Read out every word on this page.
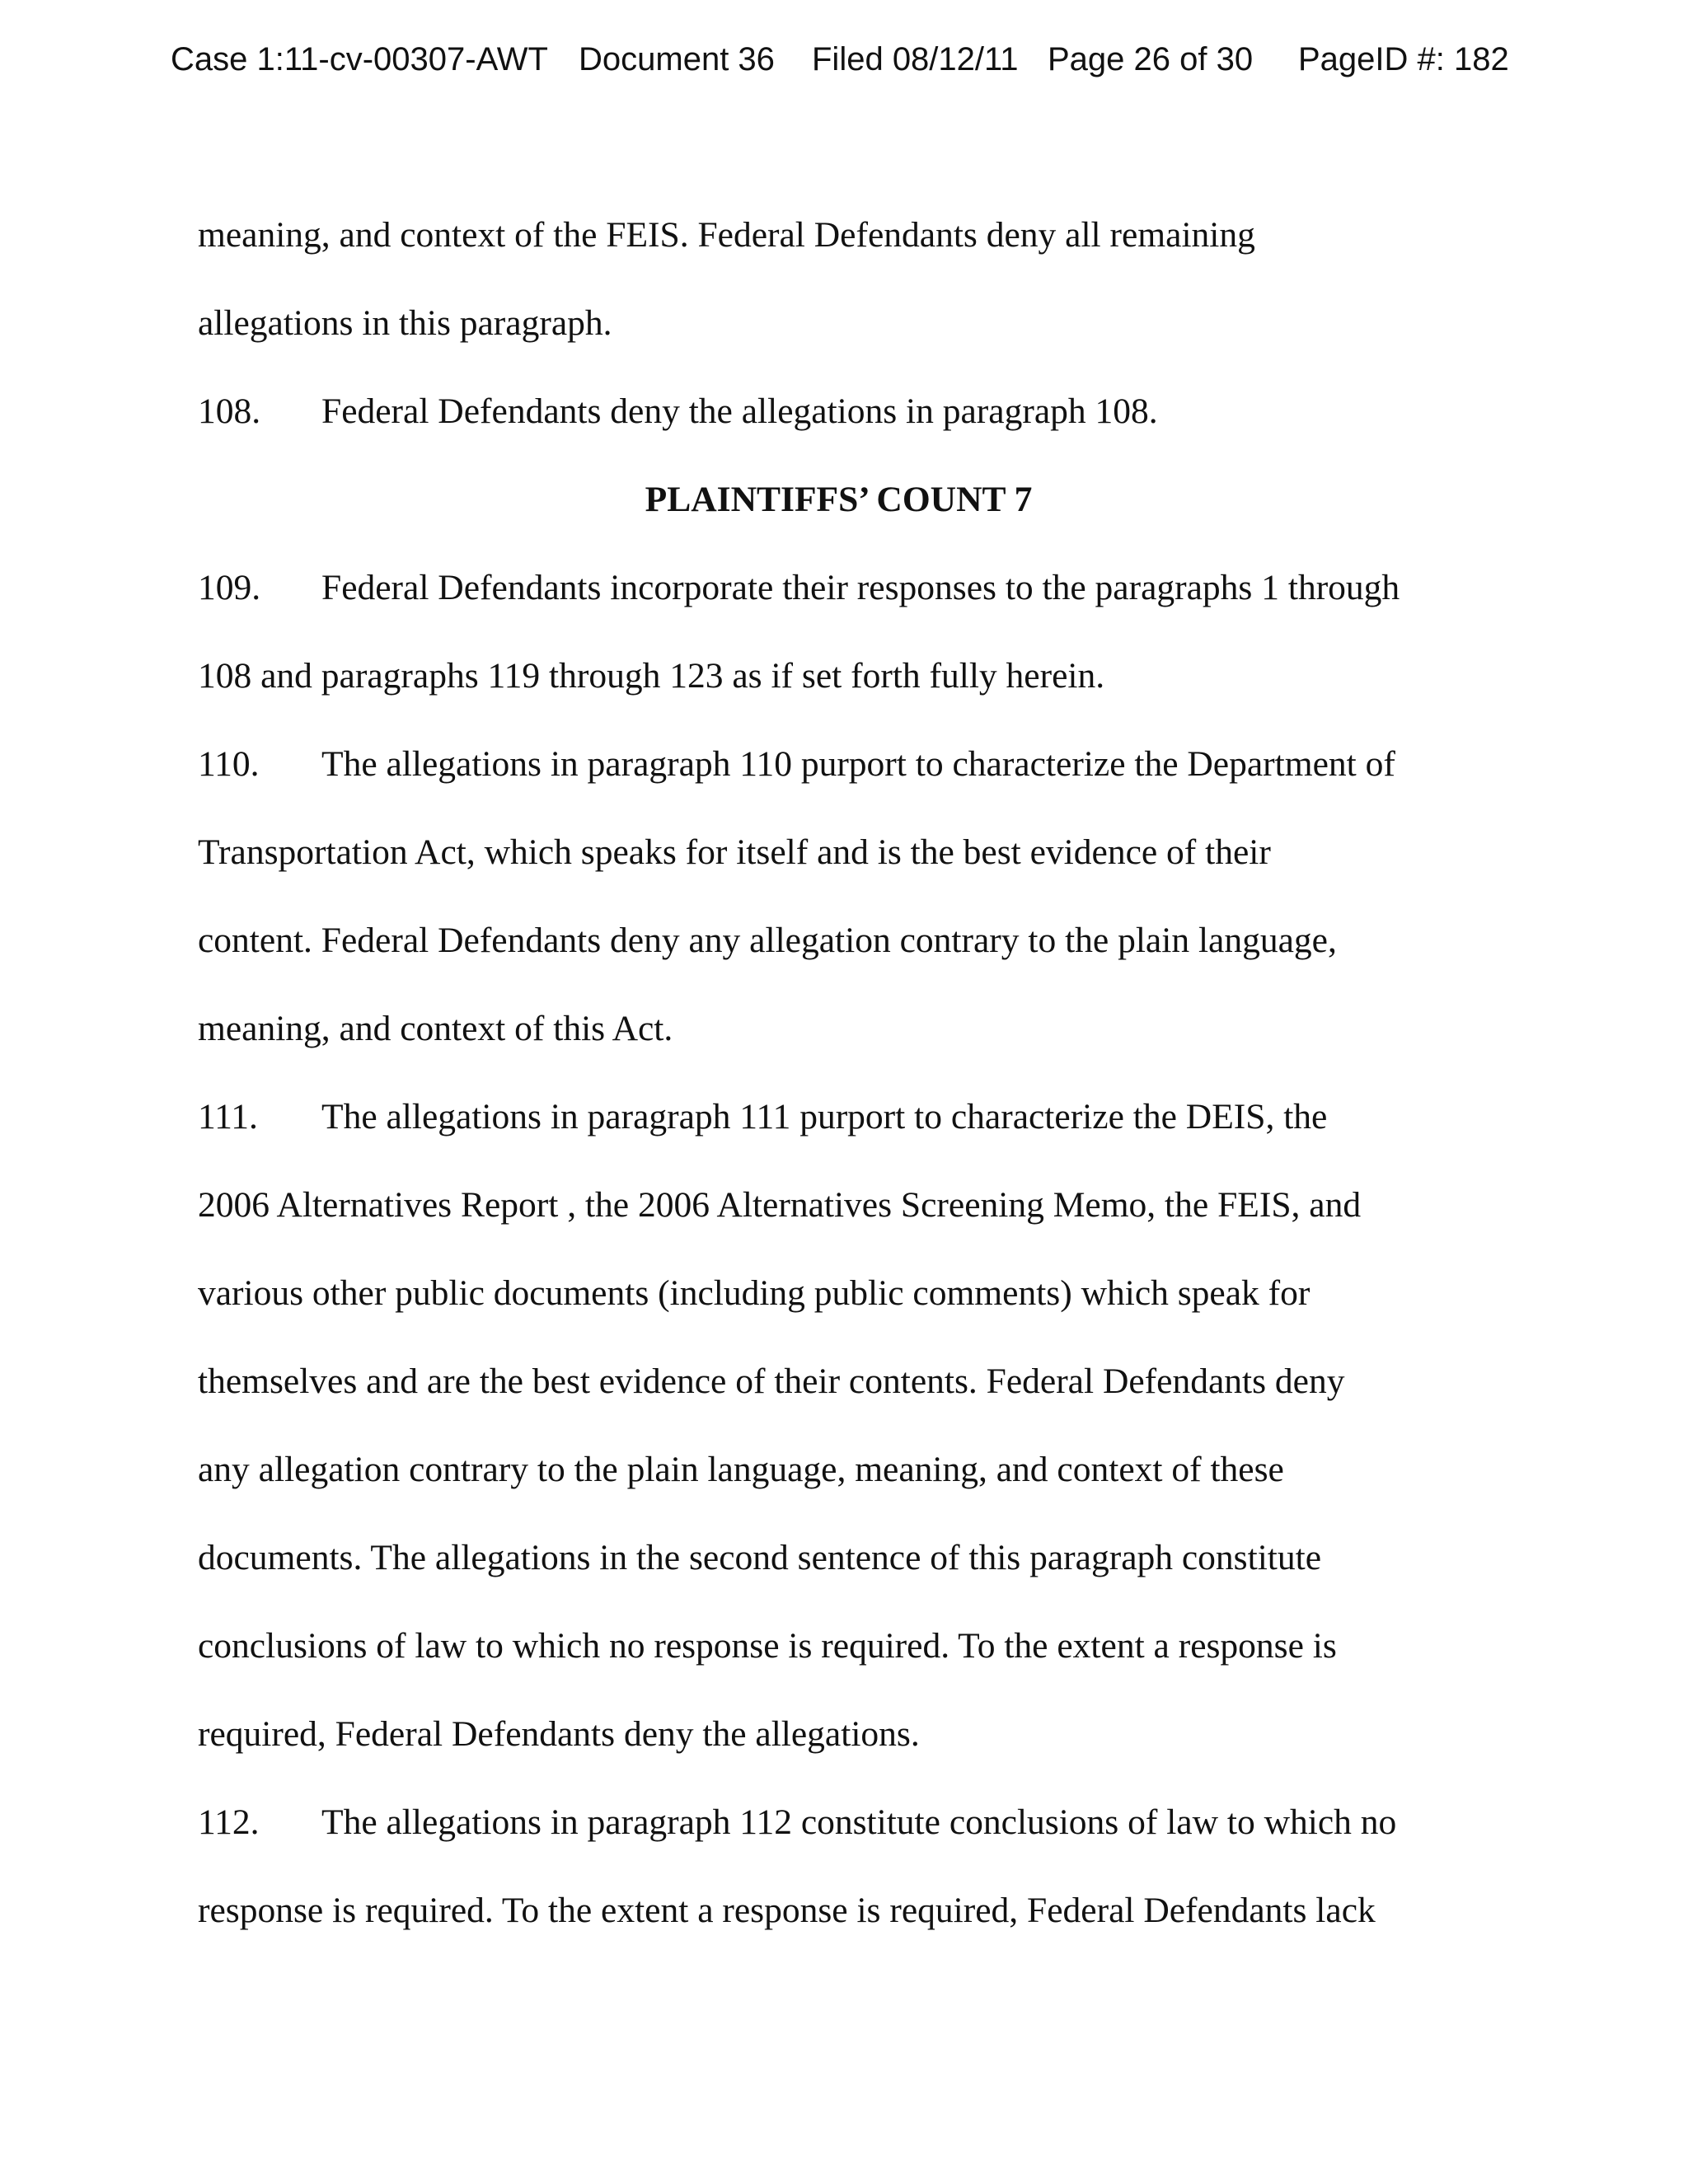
Case 1:11-cv-00307-AWT Document 36 Filed 08/12/11 Page 26 of 30 PageID #: 182

meaning, and context of the FEIS. Federal Defendants deny all remaining

allegations in this paragraph.

108. Federal Defendants deny the allegations in paragraph 108.

PLAINTIFFS’ COUNT 7

109. Federal Defendants incorporate their responses to the paragraphs 1 through

108 and paragraphs 119 through 123 as if set forth fully herein.

110. The allegations in paragraph 110 purport to characterize the Department of

Transportation Act, which speaks for itself and is the best evidence of their

content. Federal Defendants deny any allegation contrary to the plain language,

meaning, and context of this Act.

111. The allegations in paragraph 111 purport to characterize the DEIS, the

2006 Alternatives Report , the 2006 Alternatives Screening Memo, the FEIS, and

various other public documents (including public comments) which speak for

themselves and are the best evidence of their contents. Federal Defendants deny

any allegation contrary to the plain language, meaning, and context of these

documents. The allegations in the second sentence of this paragraph constitute

conclusions of law to which no response is required. To the extent a response is

required, Federal Defendants deny the allegations.

112. The allegations in paragraph 112 constitute conclusions of law to which no

response is required. To the extent a response is required, Federal Defendants lack
